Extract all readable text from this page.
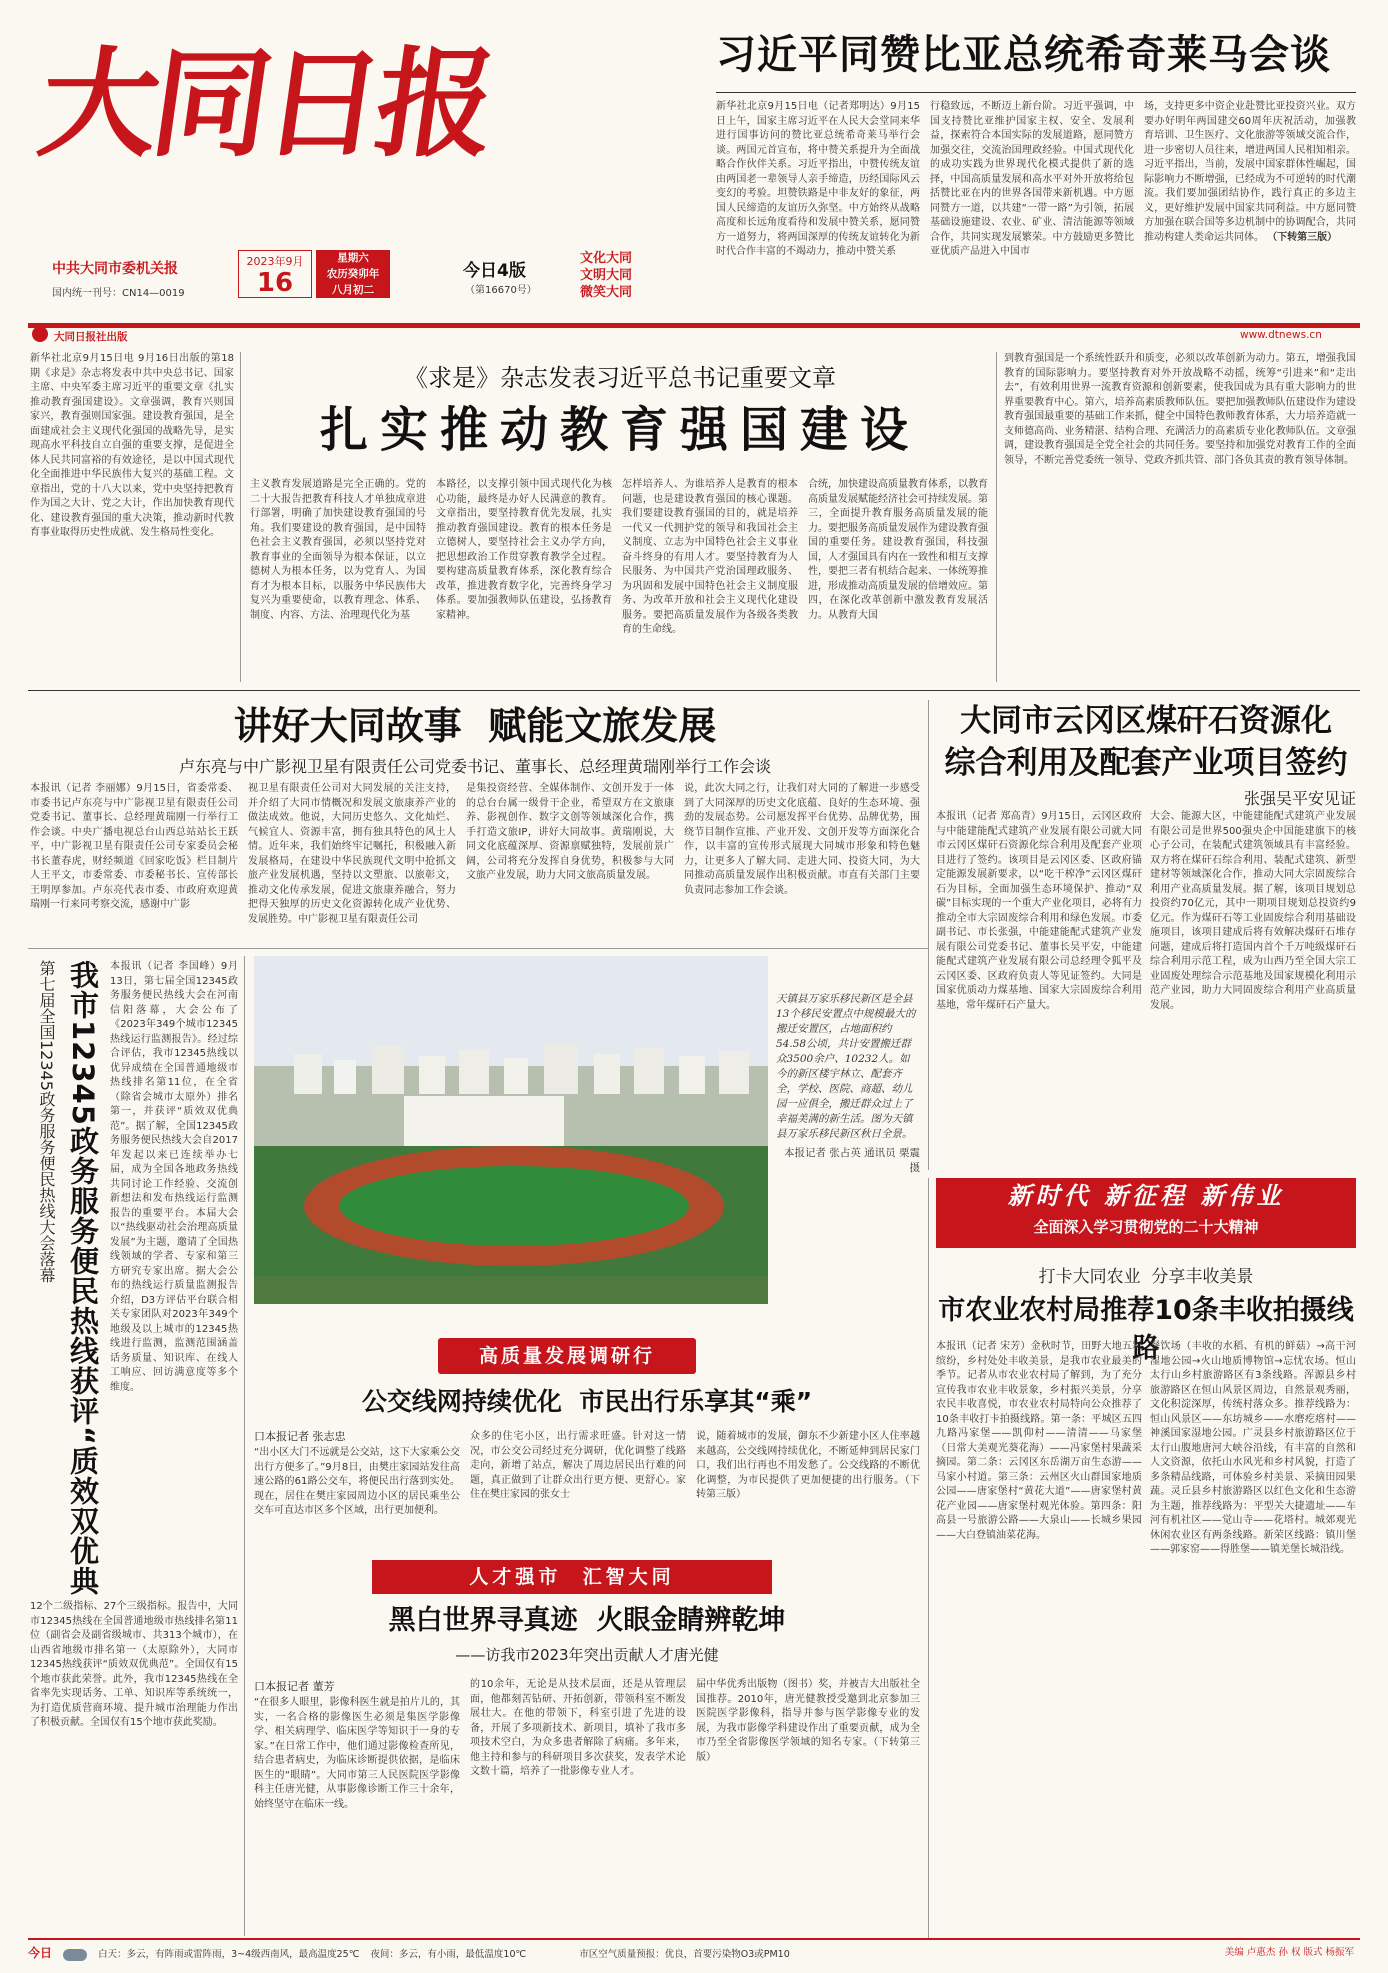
大同日报
中共大同市委机关报
国内统一刊号：CN14—0019
2023年9月
16
星期六
农历癸卯年
八月初二
今日4版
（第16670号）
文化大同
文明大同
微笑大同
大同日报社出版	www.dtnews.cn
习近平同赞比亚总统希奇莱马会谈
新华社北京9月15日电（记者郑明达）9月15日上午，国家主席习近平在人民大会堂同来华进行国事访问的赞比亚总统希奇莱马举行会谈。两国元首宣布，将中赞关系提升为全面战略合作伙伴关系。习近平指出，中赞传统友谊由两国老一辈领导人亲手缔造，历经国际风云变幻的考验。坦赞铁路是中非友好的象征，两国人民缔造的友谊历久弥坚。中方始终从战略高度和长远角度看待和发展中赞关系，愿同赞方一道努力，将两国深厚的传统友谊转化为新时代合作丰富的不竭动力，推动中赞关系
行稳致远，不断迈上新台阶。习近平强调，中国支持赞比亚维护国家主权、安全、发展利益，探索符合本国实际的发展道路，愿同赞方加强交往，交流治国理政经验。中国式现代化的成功实践为世界现代化模式提供了新的选择，中国高质量发展和高水平对外开放将给包括赞比亚在内的世界各国带来新机遇。中方愿同赞方一道，以共建“一带一路”为引领，拓展基础设施建设、农业、矿业、清洁能源等领域合作，共同实现发展繁荣。中方鼓励更多赞比亚优质产品进入中国市
场，支持更多中资企业赴赞比亚投资兴业。双方要办好明年两国建交60周年庆祝活动，加强教育培训、卫生医疗、文化旅游等领域交流合作，进一步密切人员往来，增进两国人民相知相亲。习近平指出，当前，发展中国家群体性崛起，国际影响力不断增强，已经成为不可逆转的时代潮流。我们要加强团结协作，践行真正的多边主义，更好维护发展中国家共同利益。中方愿同赞方加强在联合国等多边机制中的协调配合，共同推动构建人类命运共同体。 （下转第三版）
新华社北京9月15日电 9月16日出版的第18期《求是》杂志将发表中共中央总书记、国家主席、中央军委主席习近平的重要文章《扎实推动教育强国建设》。文章强调，教育兴则国家兴，教育强则国家强。建设教育强国，是全面建成社会主义现代化强国的战略先导，是实现高水平科技自立自强的重要支撑，是促进全体人民共同富裕的有效途径，是以中国式现代化全面推进中华民族伟大复兴的基础工程。文章指出，党的十八大以来，党中央坚持把教育作为国之大计、党之大计，作出加快教育现代化、建设教育强国的重大决策，推动新时代教育事业取得历史性成就、发生格局性变化。
《求是》杂志发表习近平总书记重要文章
扎实推动教育强国建设
主义教育发展道路是完全正确的。党的二十大报告把教育科技人才单独成章进行部署，明确了加快建设教育强国的号角。我们要建设的教育强国，是中国特色社会主义教育强国，必须以坚持党对教育事业的全面领导为根本保证，以立德树人为根本任务，以为党育人、为国育才为根本目标，以服务中华民族伟大复兴为重要使命，以教育理念、体系、制度、内容、方法、治理现代化为基
本路径，以支撑引领中国式现代化为核心功能，最终是办好人民满意的教育。文章指出，要坚持教育优先发展，扎实推动教育强国建设。教育的根本任务是立德树人，要坚持社会主义办学方向，把思想政治工作贯穿教育教学全过程。要构建高质量教育体系，深化教育综合改革，推进教育数字化，完善终身学习体系。要加强教师队伍建设，弘扬教育家精神。
怎样培养人、为谁培养人是教育的根本问题，也是建设教育强国的核心课题。我们要建设教育强国的目的，就是培养一代又一代拥护党的领导和我国社会主义制度、立志为中国特色社会主义事业奋斗终身的有用人才。要坚持教育为人民服务、为中国共产党治国理政服务、为巩固和发展中国特色社会主义制度服务、为改革开放和社会主义现代化建设服务。要把高质量发展作为各级各类教育的生命线。
合统，加快建设高质量教育体系，以教育高质量发展赋能经济社会可持续发展。第三，全面提升教育服务高质量发展的能力。要把服务高质量发展作为建设教育强国的重要任务。建设教育强国，科技强国，人才强国具有内在一致性和相互支撑性，要把三者有机结合起来、一体统筹推进，形成推动高质量发展的倍增效应。第四，在深化改革创新中激发教育发展活力。从教育大国
到教育强国是一个系统性跃升和质变，必须以改革创新为动力。第五，增强我国教育的国际影响力。要坚持教育对外开放战略不动摇，统筹“引进来”和“走出去”，有效利用世界一流教育资源和创新要素，使我国成为具有重大影响力的世界重要教育中心。第六，培养高素质教师队伍。要把加强教师队伍建设作为建设教育强国最重要的基础工作来抓，健全中国特色教师教育体系，大力培养造就一支师德高尚、业务精湛、结构合理、充满活力的高素质专业化教师队伍。文章强调，建设教育强国是全党全社会的共同任务。要坚持和加强党对教育工作的全面领导，不断完善党委统一领导、党政齐抓共管、部门各负其责的教育领导体制。
讲好大同故事  赋能文旅发展
卢东亮与中广影视卫星有限责任公司党委书记、董事长、总经理黄瑞刚举行工作会谈
本报讯（记者 李丽娜）9月15日，省委常委、市委书记卢东亮与中广影视卫星有限责任公司党委书记、董事长、总经理黄瑞刚一行举行工作会谈。中央广播电视总台山西总站站长王跃平，中广影视卫星有限责任公司专家委员会秘书长董春虎，财经频道《回家吃饭》栏目制片人王平文，市委常委、市委秘书长、宣传部长王明厚参加。卢东亮代表市委、市政府欢迎黄瑞刚一行来同考察交流，感谢中广影
视卫星有限责任公司对大同发展的关注支持，并介绍了大同市情概况和发展文旅康养产业的做法成效。他说，大同历史悠久、文化灿烂、气候宜人、资源丰富，拥有独具特色的风土人情。近年来，我们始终牢记嘱托，积极融入新发展格局，在建设中华民族现代文明中抢抓文旅产业发展机遇，坚持以文塑旅、以旅彰文，推动文化传承发展，促进文旅康养融合，努力把得天独厚的历史文化资源转化成产业优势、发展胜势。中广影视卫星有限责任公司
是集投资经营、全媒体制作、文创开发于一体的总台台属一级骨干企业，希望双方在文旅康养、影视创作、数字文创等领域深化合作，携手打造文旅IP，讲好大同故事。黄瑞刚说，大同文化底蕴深厚、资源禀赋独特，发展前景广阔，公司将充分发挥自身优势，积极参与大同文旅产业发展，助力大同文旅高质量发展。
说，此次大同之行，让我们对大同的了解进一步感受到了大同深厚的历史文化底蕴、良好的生态环境、强劲的发展态势。公司愿发挥平台优势、品牌优势，围绕节目制作宣推、产业开发、文创开发等方面深化合作，以丰富的宣传形式展现大同城市形象和特色魅力，让更多人了解大同、走进大同、投资大同，为大同推动高质量发展作出积极贡献。市直有关部门主要负责同志参加工作会谈。
大同市云冈区煤矸石资源化
综合利用及配套产业项目签约
张强吴平安见证
本报讯（记者 郑高青）9月15日，云冈区政府与中能建能配式建筑产业发展有限公司就大同市云冈区煤矸石资源化综合利用及配套产业项目进行了签约。该项目是云冈区委、区政府锚定能源发展新要求，以“吃干榨净”云冈区煤矸石为目标，全面加强生态环境保护、推动“双碳”目标实现的一个重大产业化项目，必将有力推动全市大宗固废综合利用和绿色发展。市委副书记、市长张强，中能建能配式建筑产业发展有限公司党委书记、董事长吴平安，中能建能配式建筑产业发展有限公司总经理令狐平及云冈区委、区政府负责人等见证签约。大同是国家优质动力煤基地、国家大宗固废综合利用基地，常年煤矸石产量大。
大会、能源大区，中能建能配式建筑产业发展有限公司是世界500强央企中国能建旗下的核心子公司，在装配式建筑领域具有丰富经验。双方将在煤矸石综合利用、装配式建筑、新型建材等领域深化合作，推动大同大宗固废综合利用产业高质量发展。据了解，该项目规划总投资约70亿元，其中一期项目规划总投资约9亿元。作为煤矸石等工业固废综合利用基础设施项目，该项目建成后将有效解决煤矸石堆存问题，建成后将打造国内首个千万吨级煤矸石综合利用示范工程，成为山西乃至全国大宗工业固废处理综合示范基地及国家规模化利用示范产业园，助力大同固废综合利用产业高质量发展。
我市12345政务服务便民热线获评“质效双优典
第七届全国12345政务服务便民热线大会落幕	本报讯（记者 李国峰）9月13日，第七届全国12345政务服务便民热线大会在河南信阳落幕，大会公布了《2023年349个城市12345热线运行监测报告》。经过综合评估，我市12345热线以优异成绩在全国普通地级市热线排名第11位，在全省（除省会城市太原外）排名第一，并获评“质效双优典范”。据了解，全国12345政务服务便民热线大会自2017年发起以来已连续举办七届，成为全国各地政务热线共同讨论工作经验、交流创新想法和发布热线运行监测报告的重要平台。本届大会以“热线驱动社会治理高质量发展”为主题，邀请了全国热线领域的学者、专家和第三方研究专家出席。据大会公布的热线运行质量监测报告介绍，D3方评估平台联合相关专家团队对2023年349个地级及以上城市的12345热线进行监测，监测范围涵盖话务质量、知识库、在线人工响应、回访满意度等多个维度。
12个二级指标、27个三级指标。报告中，大同市12345热线在全国普通地级市热线排名第11位（副省会及副省级城市、共313个城市），在山西省地级市排名第一（太原除外），大同市12345热线获评“质效双优典范”。全国仅有15个地市获此荣誉。此外，我市12345热线在全省率先实现话务、工单、知识库等系统统一，为打造优质营商环境、提升城市治理能力作出了积极贡献。全国仅有15个地市获此奖励。
天镇县万家乐移民新区是全县13个移民安置点中规模最大的搬迁安置区，占地面积约54.58公顷，共计安置搬迁群众3500余户、10232人。如今的新区楼宇林立、配套齐全，学校、医院、商超、幼儿园一应俱全，搬迁群众过上了幸福美满的新生活。图为天镇县万家乐移民新区秋日全景。
本报记者 张占英 通讯员 栗震摄
新时代 新征程 新伟业
全面深入学习贯彻党的二十大精神
打卡大同农业  分享丰收美景
市农业农村局推荐10条丰收拍摄线路
本报讯（记者 宋芳）金秋时节，田野大地五彩缤纷，乡村处处丰收美景，是我市农业最美的季节。记者从市农业农村局了解到，为了充分宣传我市农业丰收景象，乡村振兴美景，分享农民丰收喜悦，市农业农村局特向公众推荐了10条丰收打卡拍摄线路。第一条：平城区五四九路冯家堡——凯仰村——清清——马家堡（日常大美观光葵花海）——冯家堡村果蔬采摘园。第二条：云冈区东岳湖万亩生态游——马家小村道。第三条：云州区火山群国家地质公园——唐家堡村“黄花大道”——唐家堡村黄花产业园——唐家堡村观光体验。第四条：阳高县一号旅游公路——大泉山——长城乡果园——大白登镇油菜花海。
餐饮场（丰收的水稻、有机的鲜菇）→高干河湿地公园→火山地质博物馆→忘忧农场。恒山太行山乡村旅游路区有3条线路。浑源县乡村旅游路区在恒山风景区周边，自然景观秀丽，文化积淀深厚，传统村落众多。推荐线路为：恒山风景区——东坊城乡——水磨疙瘩村——神溪国家湿地公园。广灵县乡村旅游路区位于太行山腹地唐河大峡谷沿线，有丰富的自然和人文资源，依托山水风光和乡村风貌，打造了多条精品线路，可体验乡村美景、采摘田园果蔬。灵丘县乡村旅游路区以红色文化和生态游为主题，推荐线路为：平型关大捷遗址——车河有机社区——觉山寺——花塔村。城郊观光休闲农业区有两条线路。新荣区线路：镇川堡——郭家窑——得胜堡——镇羌堡长城沿线。
高质量发展调研行
公交线网持续优化  市民出行乐享其“乘”
口本报记者 张志忠
“出小区大门不远就是公交站，这下大家乘公交出行方便多了。”9月8日，由樊庄家园站发往高速公路的61路公交车，将便民出行落到实处。现在，居住在樊庄家园周边小区的居民乘坐公交车可直达市区多个区域，出行更加便利。
众多的住宅小区，出行需求旺盛。针对这一情况，市公交公司经过充分调研，优化调整了线路走向，新增了站点，解决了周边居民出行难的问题，真正做到了让群众出行更方便、更舒心。家住在樊庄家园的张女士
说，随着城市的发展，御东不少新建小区人住率越来越高，公交线网持续优化，不断延伸到居民家门口，我们出行再也不用发愁了。公交线路的不断优化调整，为市民提供了更加便捷的出行服务。（下转第三版）
人才强市  汇智大同
黑白世界寻真迹  火眼金睛辨乾坤
——访我市2023年突出贡献人才唐光健
口本报记者 董芳
“在很多人眼里，影像科医生就是拍片儿的，其实，一名合格的影像医生必须是集医学影像学、相关病理学、临床医学等知识于一身的专家。”在日常工作中，他们通过影像检查所见，结合患者病史，为临床诊断提供依据，是临床医生的“眼睛”。大同市第三人民医院医学影像科主任唐光健，从事影像诊断工作三十余年，始终坚守在临床一线。
的10余年，无论是从技术层面，还是从管理层面，他都刻苦钻研、开拓创新，带领科室不断发展壮大。在他的带领下，科室引进了先进的设备，开展了多项新技术、新项目，填补了我市多项技术空白，为众多患者解除了病痛。多年来，他主持和参与的科研项目多次获奖，发表学术论文数十篇，培养了一批影像专业人才。
届中华优秀出版物（图书）奖，并被吉大出版社全国推荐。2010年，唐光健教授受邀到北京参加三医院医学影像科，指导并参与医学影像专业的发展，为我市影像学科建设作出了重要贡献，成为全市乃至全省影像医学领域的知名专家。（下转第三版）
今日	白天：多云，有阵雨或雷阵雨，3~4级西南风，最高温度25℃ 夜间：多云，有小雨，最低温度10℃	市区空气质量预报：优良，首要污染物O3或PM10	美编 卢惠杰 孙 权 版式 杨振军
